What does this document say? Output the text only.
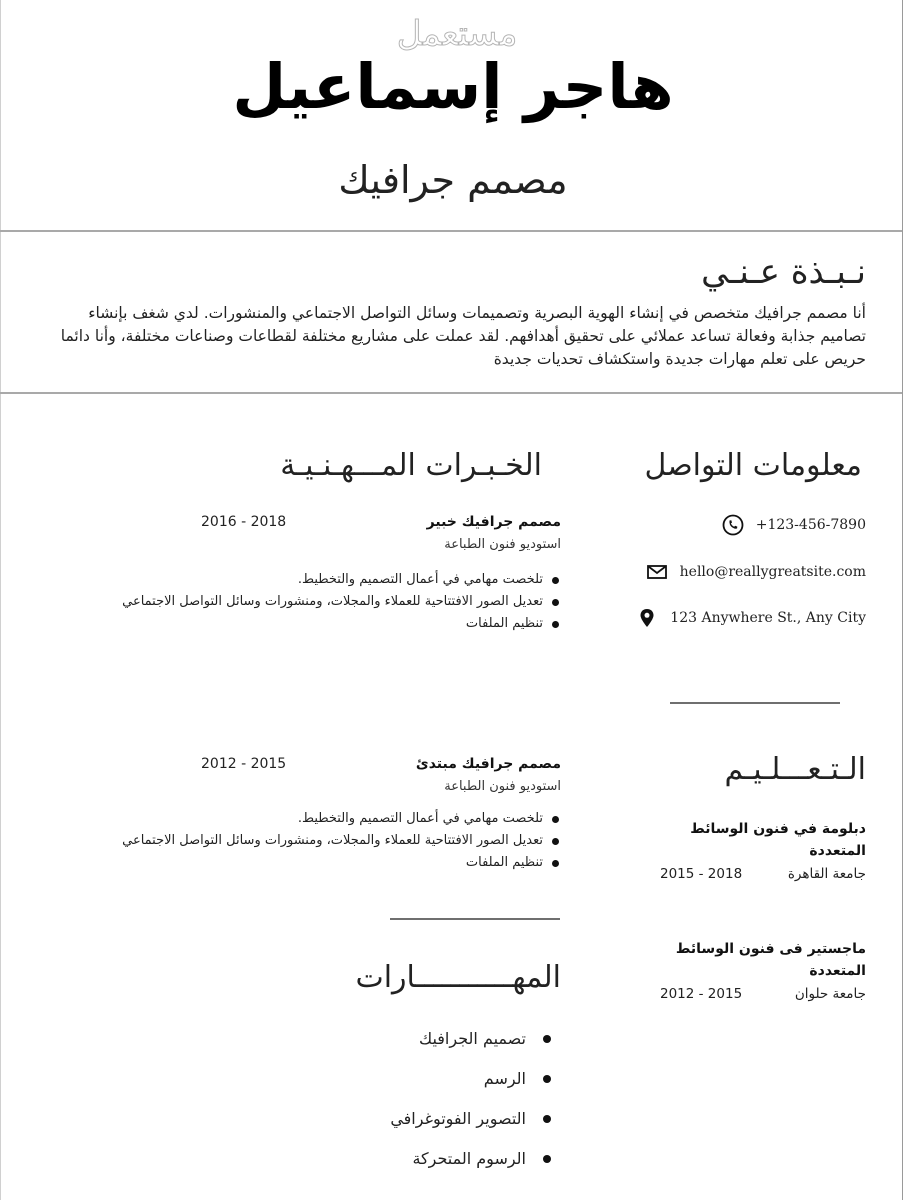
مستعمل
هاجر إسماعيل
مصمم جرافيك
نـبـذة عـنـي
أنا مصمم جرافيك متخصص في إنشاء الهوية البصرية وتصميمات وسائل التواصل الاجتماعي والمنشورات. لدي شغف بإنشاء تصاميم جذابة وفعالة تساعد عملائي على تحقيق أهدافهم. لقد عملت على مشاريع مختلفة لقطاعات وصناعات مختلفة، وأنا دائما حريص على تعلم مهارات جديدة واستكشاف تحديات جديدة
معلومات التواصل
+123-456-7890
hello@reallygreatsite.com
123 Anywhere St., Any City
الـتـعـــلـيـم
دبلومة في فنون الوسائط المتعددة
جامعة القاهرة
2015 - 2018
ماجستير فى فنون الوسائط المتعددة
جامعة حلوان
2012 - 2015
الخـبـرات المـــهـنـيـة
مصمم جرافيك خبير
2016 - 2018
استوديو فنون الطباعة
تلخصت مهامي في أعمال التصميم والتخطيط.
تعديل الصور الافتتاحية للعملاء والمجلات، ومنشورات وسائل التواصل الاجتماعي
تنظيم الملفات
مصمم جرافيك مبتدئ
2012 - 2015
استوديو فنون الطباعة
تلخصت مهامي في أعمال التصميم والتخطيط.
تعديل الصور الافتتاحية للعملاء والمجلات، ومنشورات وسائل التواصل الاجتماعي
تنظيم الملفات
المهـــــــــــارات
تصميم الجرافيك
الرسم
التصوير الفوتوغرافي
الرسوم المتحركة
